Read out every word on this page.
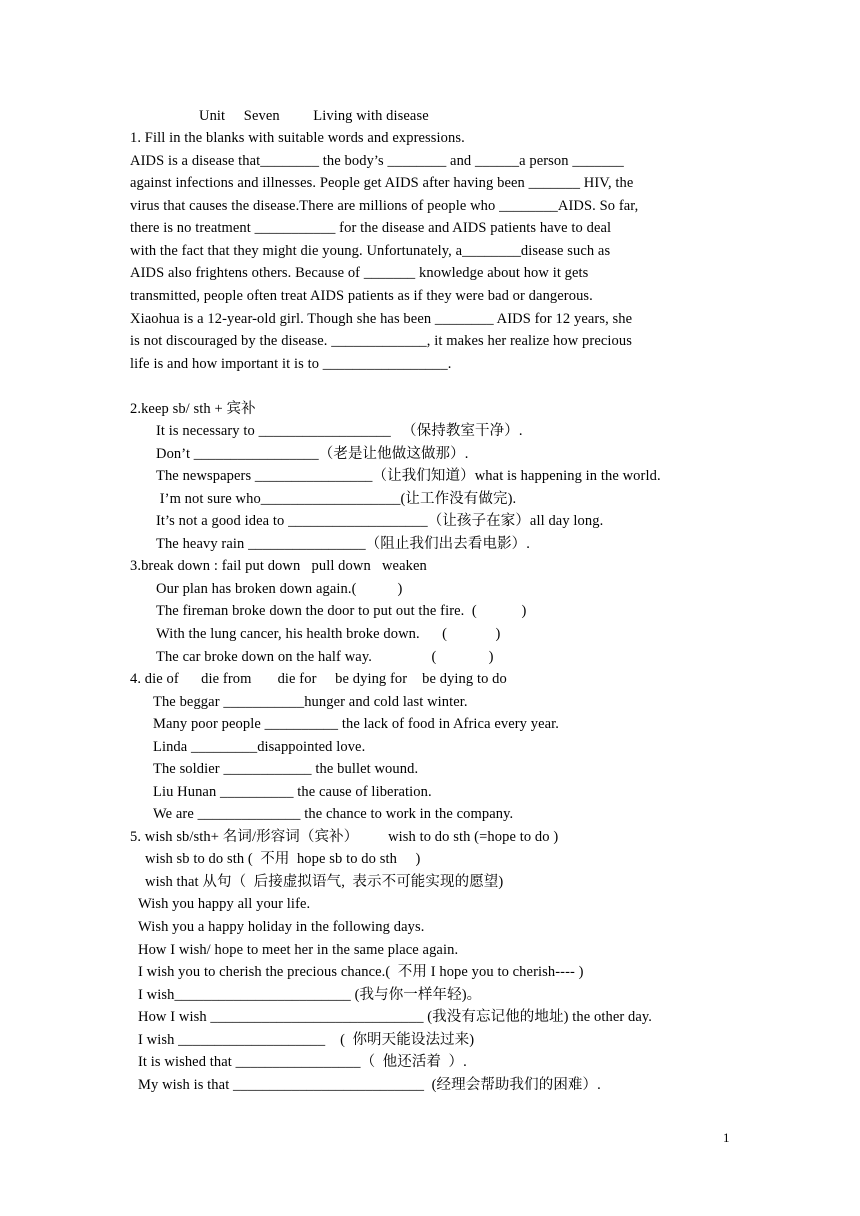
Unit     Seven         Living with disease
1. Fill in the blanks with suitable words and expressions.
AIDS is a disease that________ the body’s ________ and ______a person _______
against infections and illnesses. People get AIDS after having been _______ HIV, the
virus that causes the disease.There are millions of people who ________AIDS. So far,
there is no treatment ___________ for the disease and AIDS patients have to deal
with the fact that they might die young. Unfortunately, a________disease such as
AIDS also frightens others. Because of _______ knowledge about how it gets
transmitted, people often treat AIDS patients as if they were bad or dangerous.
Xiaohua is a 12-year-old girl. Though she has been ________ AIDS for 12 years, she
is not discouraged by the disease. _____________, it makes her realize how precious
life is and how important it is to _________________.
2.keep sb/ sth + 宾补
It is necessary to __________________   （保持教室干净）.
Don’t _________________（老是让他做这做那）.
The newspapers ________________（让我们知道）what is happening in the world.
I’m not sure who___________________(让工作没有做完).
It’s not a good idea to ___________________（让孩子在家）all day long.
The heavy rain ________________（阻止我们出去看电影）.
3.break down : fail put down   pull down   weaken
Our plan has broken down again.(           )
The fireman broke down the door to put out the fire.  (            )
With the lung cancer, his health broke down.      (             )
The car broke down on the half way.                (              )
4. die of      die from       die for     be dying for    be dying to do
The beggar ___________hunger and cold last winter.
Many poor people __________ the lack of food in Africa every year.
Linda _________disappointed love.
The soldier ____________ the bullet wound.
Liu Hunan __________ the cause of liberation.
We are ______________ the chance to work in the company.
5. wish sb/sth+ 名词/形容词（宾补）        wish to do sth (=hope to do )
wish sb to do sth (  不用  hope sb to do sth     )
wish that 从句（  后接虚拟语气,  表示不可能实现的愿望)
Wish you happy all your life.
Wish you a happy holiday in the following days.
How I wish/ hope to meet her in the same place again.
I wish you to cherish the precious chance.(  不用 I hope you to cherish---- )
I wish________________________ (我与你一样年轻)。
How I wish _____________________________ (我没有忘记他的地址) the other day.
I wish ____________________    (  你明天能设法过来)
It is wished that _________________（  他还活着  ）.
My wish is that __________________________  (经理会帮助我们的困难）.
1
